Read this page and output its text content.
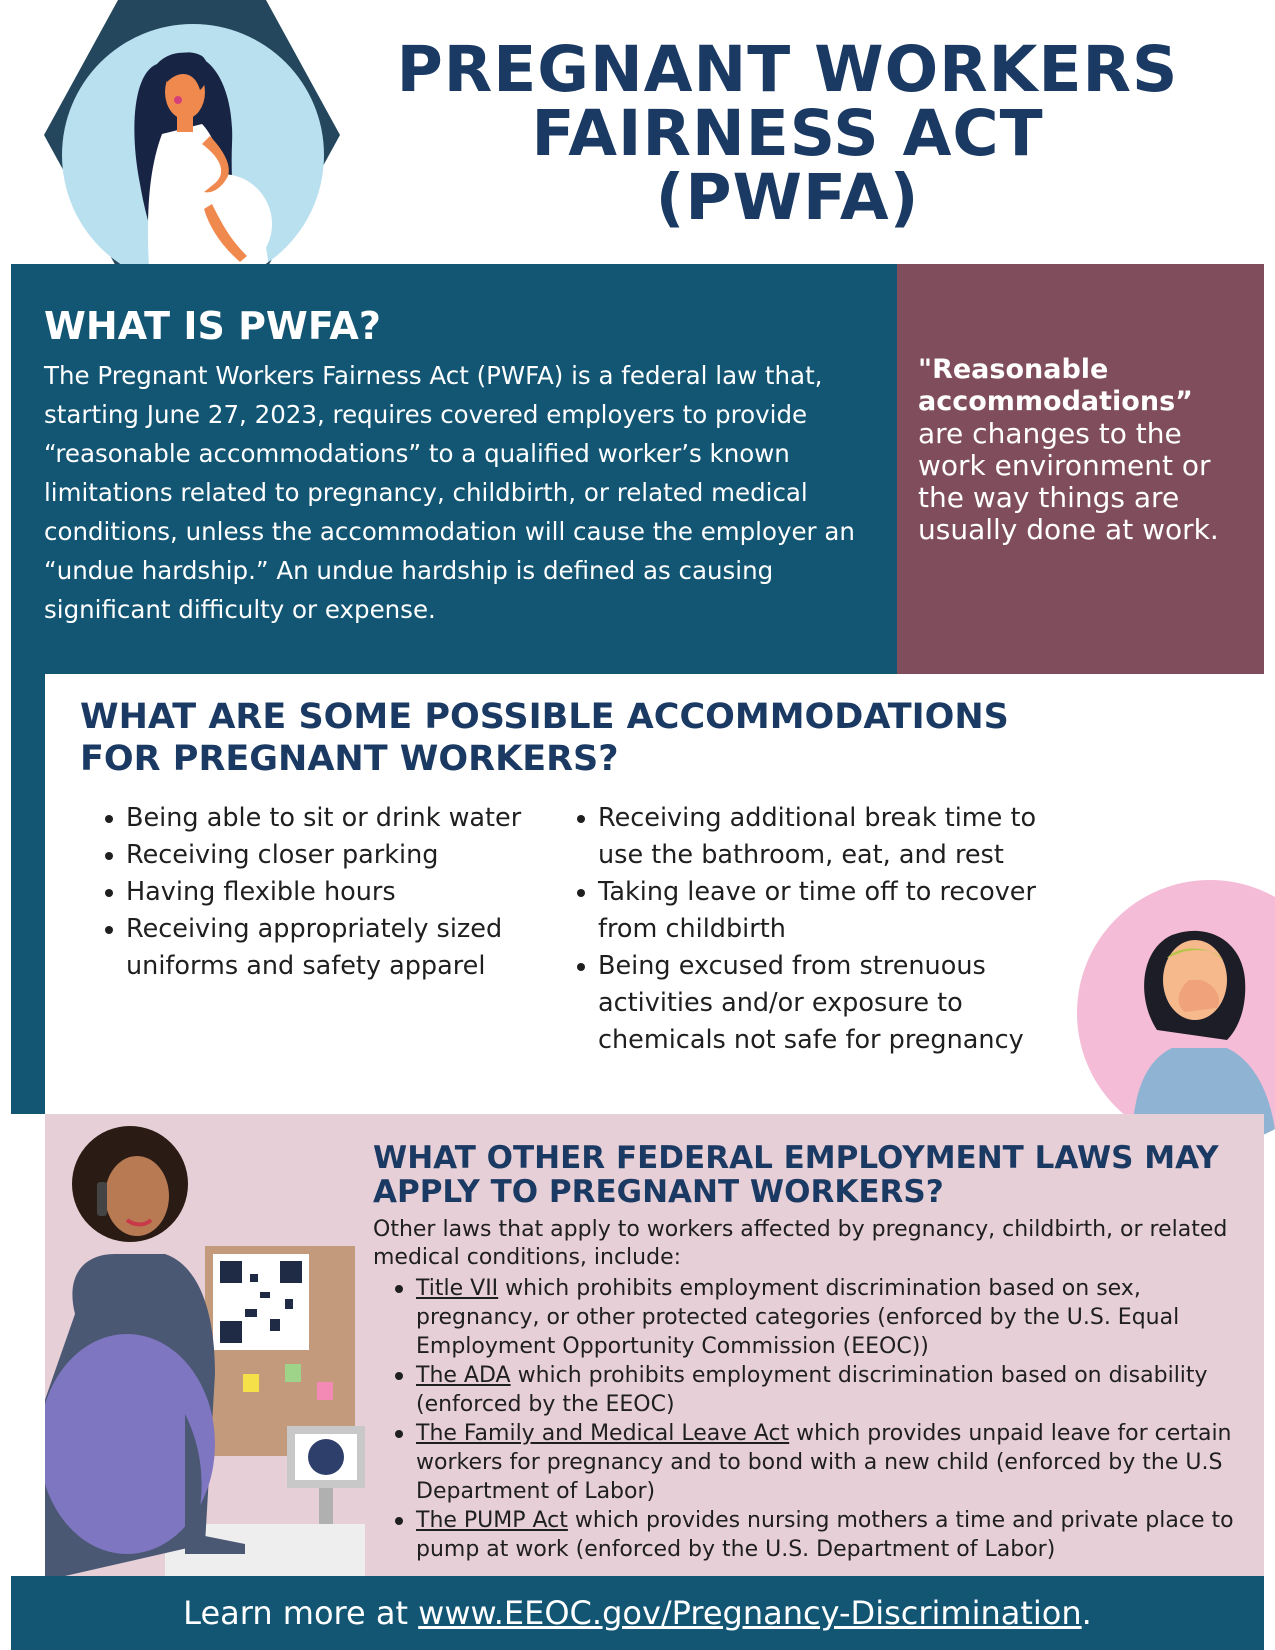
PREGNANT WORKERS
FAIRNESS ACT
(PWFA)
WHAT IS PWFA?

The Pregnant Workers Fairness Act (PWFA) is a federal law that, starting June 27, 2023, requires covered employers to provide “reasonable accommodations” to a qualified worker’s known limitations related to pregnancy, childbirth, or related medical conditions, unless the accommodation will cause the employer an “undue hardship.” An undue hardship is defined as causing significant difficulty or expense.

"Reasonable accommodations”
are changes to the work environment or the way things are usually done at work.
WHAT ARE SOME POSSIBLE ACCOMMODATIONS FOR PREGNANT WORKERS?
Being able to sit or drink water
Receiving closer parking
Having flexible hours
Receiving appropriately sized uniforms and safety apparel
Receiving additional break time to use the bathroom, eat, and rest
Taking leave or time off to recover from childbirth
Being excused from strenuous activities and/or exposure to chemicals not safe for pregnancy
WHAT OTHER FEDERAL EMPLOYMENT LAWS MAY APPLY TO PREGNANT WORKERS?

Other laws that apply to workers affected by pregnancy, childbirth, or related medical conditions, include:

Title VII which prohibits employment discrimination based on sex, pregnancy, or other protected categories (enforced by the U.S. Equal Employment Opportunity Commission (EEOC))
The ADA which prohibits employment discrimination based on disability (enforced by the EEOC)
The Family and Medical Leave Act which provides unpaid leave for certain workers for pregnancy and to bond with a new child (enforced by the U.S Department of Labor)
The PUMP Act which provides nursing mothers a time and private place to pump at work (enforced by the U.S. Department of Labor)
Learn more at www.EEOC.gov/Pregnancy-Discrimination.
